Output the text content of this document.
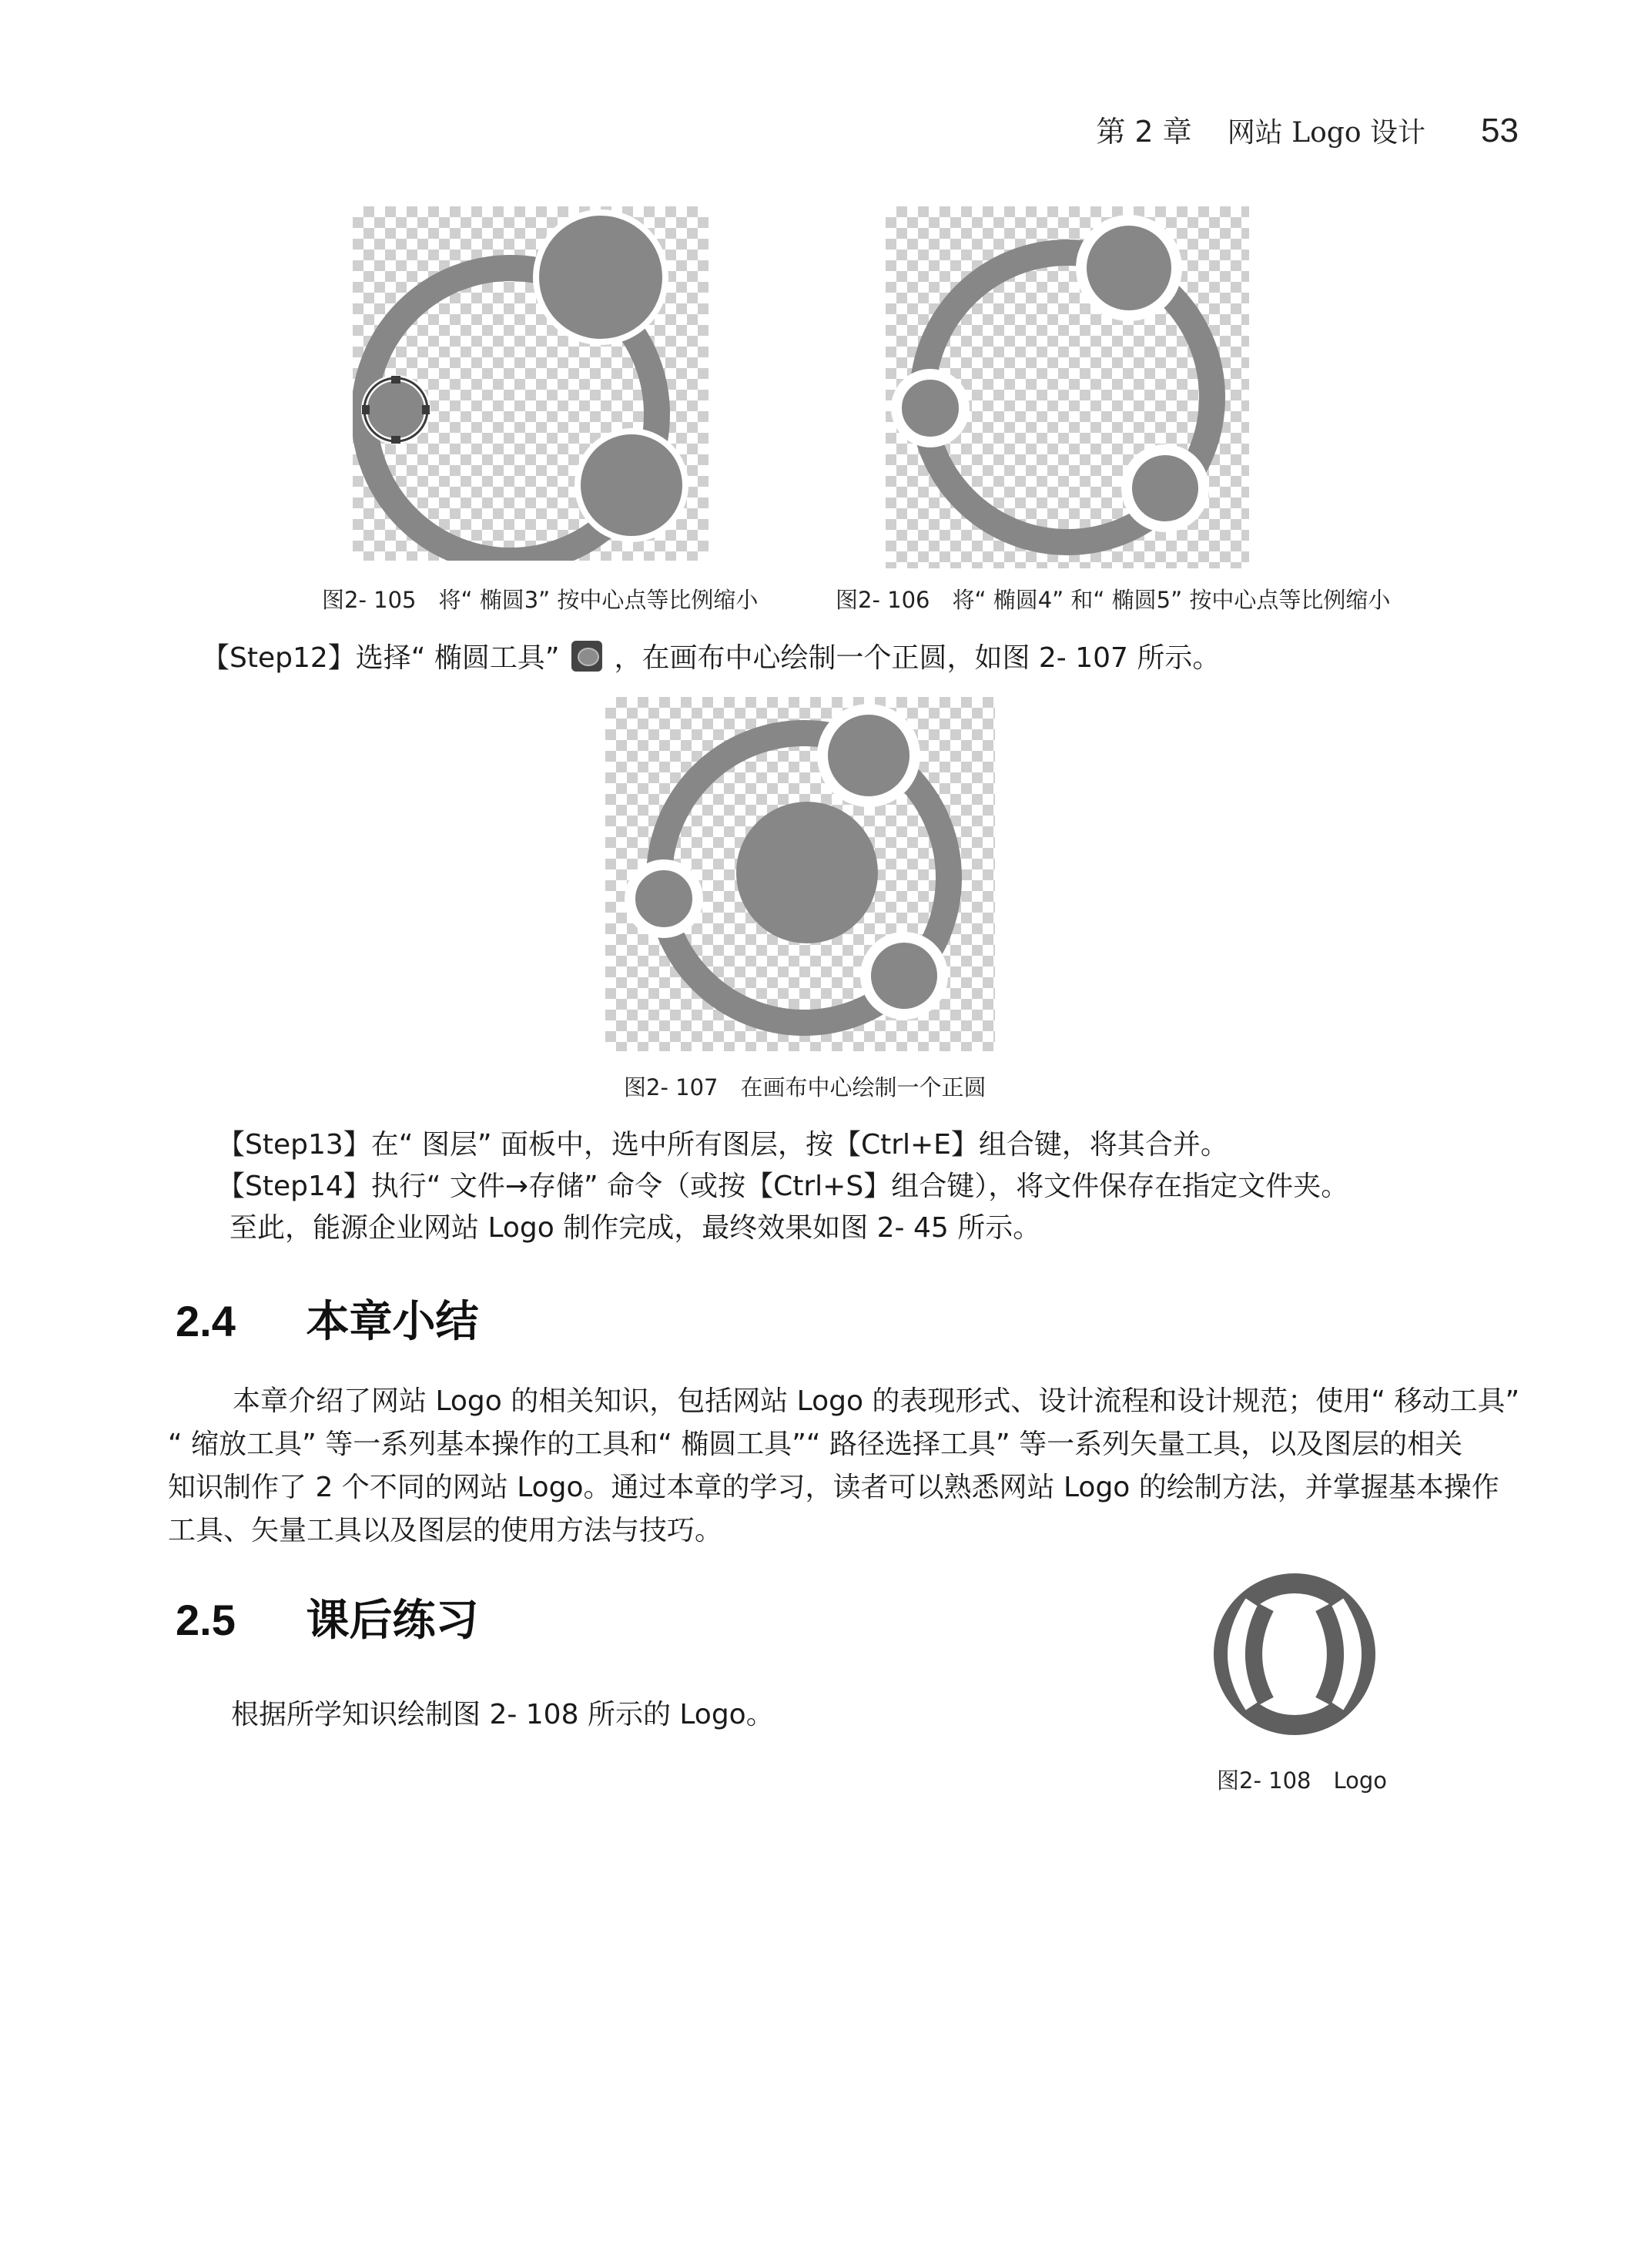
第 2 章 网站 Logo 设计 53
图2- 105　将“ 椭圆3” 按中心点等比例缩小	图2- 106　将“ 椭圆4” 和“ 椭圆5” 按中心点等比例缩小
【Step12】选择“ 椭圆工具” ，在画布中心绘制一个正圆，如图 2- 107 所示。
图2- 107　在画布中心绘制一个正圆
【Step13】在“ 图层” 面板中，选中所有图层，按【Ctrl+E】组合键，将其合并。
【Step14】执行“ 文件→存储” 命令（或按【Ctrl+S】组合键），将文件保存在指定文件夹。
至此，能源企业网站 Logo 制作完成，最终效果如图 2- 45 所示。
2.4 本章小结
本章介绍了网站 Logo 的相关知识，包括网站 Logo 的表现形式、设计流程和设计规范；使用“ 移动工具”
“ 缩放工具” 等一系列基本操作的工具和“ 椭圆工具”“ 路径选择工具” 等一系列矢量工具，以及图层的相关
知识制作了 2 个不同的网站 Logo。通过本章的学习，读者可以熟悉网站 Logo 的绘制方法，并掌握基本操作
工具、矢量工具以及图层的使用方法与技巧。
2.5 课后练习
根据所学知识绘制图 2- 108 所示的 Logo。
图2- 108　Logo
